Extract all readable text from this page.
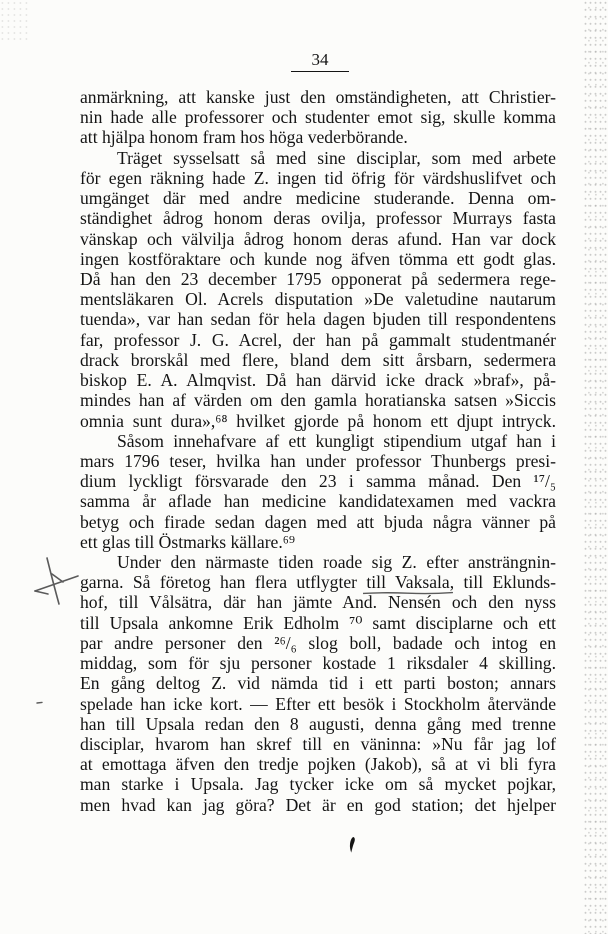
34
anmärkning, att kanske just den omständigheten, att Christier-
nin hade alle professorer och studenter emot sig, skulle komma
att hjälpa honom fram hos höga vederbörande.
Träget sysselsatt så med sine disciplar, som med arbete
för egen räkning hade Z. ingen tid öfrig för värdshuslifvet och
umgänget där med andre medicine studerande. Denna om-
ständighet ådrog honom deras ovilja, professor Murrays fasta
vänskap och välvilja ådrog honom deras afund. Han var dock
ingen kostföraktare och kunde nog äfven tömma ett godt glas.
Då han den 23 december 1795 opponerat på sedermera rege-
mentsläkaren Ol. Acrels disputation »De valetudine nautarum
tuenda», var han sedan för hela dagen bjuden till respondentens
far, professor J. G. Acrel, der han på gammalt studentmanér
drack brorskål med flere, bland dem sitt årsbarn, sedermera
biskop E. A. Almqvist. Då han därvid icke drack »braf», på-
mindes han af värden om den gamla horatianska satsen »Siccis
omnia sunt dura»,⁶⁸ hvilket gjorde på honom ett djupt intryck.
Såsom innehafvare af ett kungligt stipendium utgaf han i
mars 1796 teser, hvilka han under professor Thunbergs presi-
dium lyckligt försvarade den 23 i samma månad. Den ¹⁷/₅
samma år aflade han medicine kandidatexamen med vackra
betyg och firade sedan dagen med att bjuda några vänner på
ett glas till Östmarks källare.⁶⁹
Under den närmaste tiden roade sig Z. efter ansträngnin-
garna. Så företog han flera utflygter till Vaksala, till Eklunds-
hof, till Vålsätra, där han jämte And. Nensén och den nyss
till Upsala ankomne Erik Edholm ⁷⁰ samt disciplarne och ett
par andre personer den ²⁶/₆ slog boll, badade och intog en
middag, som för sju personer kostade 1 riksdaler 4 skilling.
En gång deltog Z. vid nämda tid i ett parti boston; annars
spelade han icke kort. — Efter ett besök i Stockholm återvände
han till Upsala redan den 8 augusti, denna gång med trenne
disciplar, hvarom han skref till en väninna: »Nu får jag lof
at emottaga äfven den tredje pojken (Jakob), så at vi bli fyra
man starke i Upsala. Jag tycker icke om så mycket pojkar,
men hvad kan jag göra? Det är en god station; det hjelper
